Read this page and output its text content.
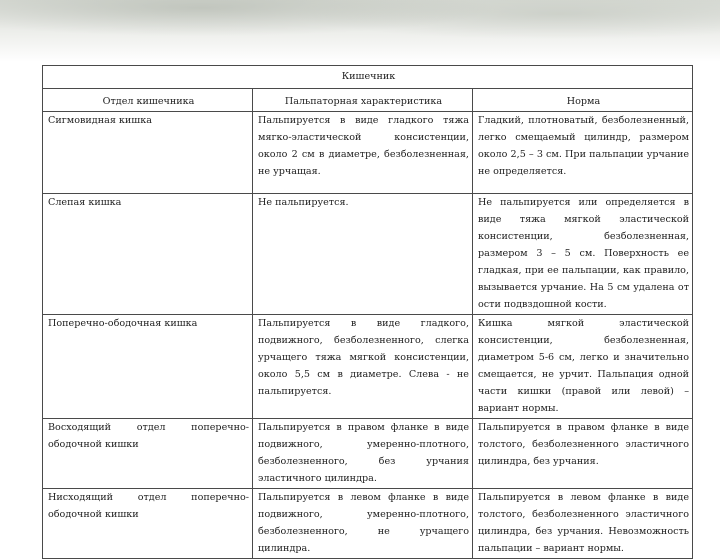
Кишечник		
Отдел кишечника	Пальпаторная характеристика	Норма
Сигмовидная кишка	Пальпируется в виде гладкого тяжа мягко-эластической консистенции, около 2 см в диаметре, безболезненная, не урчащая.	Гладкий, плотноватый, безболезненный, легко смещаемый цилиндр, размером около 2,5 – 3 см. При пальпации урчание не определяется.
Слепая кишка	Не пальпируется.	Не пальпируется или определяется в виде тяжа мягкой эластической консистенции, безболезненная, размером 3 – 5 см. Поверхность ее гладкая, при ее пальпации, как правило, вызывается урчание. На 5 см удалена от ости подвздошной кости.
Поперечно-ободочная кишка	Пальпируется в виде гладкого, подвижного, безболезненного, слегка урчащего тяжа мягкой консистенции, около 5,5 см в диаметре. Слева - не пальпируется.	Кишка мягкой эластической консистенции, безболезненная, диаметром 5-6 см, легко и значительно смещается, не урчит. Пальпация одной части кишки (правой или левой) – вариант нормы.
Восходящий отдел поперечно-ободочной кишки	Пальпируется в правом фланке в виде подвижного, умеренно-плотного, безболезненного, без урчания эластичного цилиндра.	Пальпируется в правом фланке в виде толстого, безболезненного эластичного цилиндра, без урчания.
Нисходящий отдел поперечно-ободочной кишки	Пальпируется в левом фланке в виде подвижного, умеренно-плотного, безболезненного, не урчащего цилиндра.	Пальпируется в левом фланке в виде толстого, безболезненного эластичного цилиндра, без урчания. Невозможность пальпации – вариант нормы.
